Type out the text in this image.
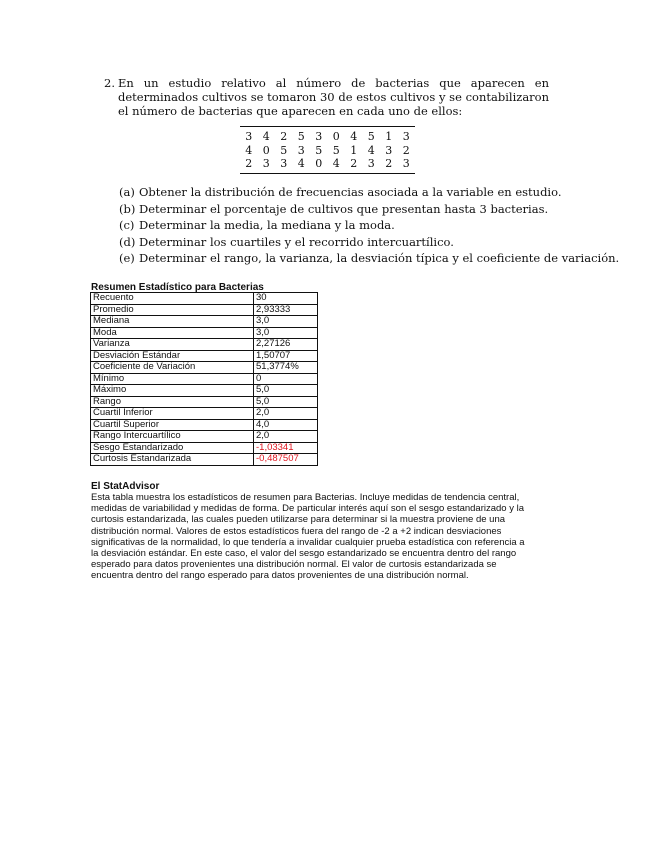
2. En un estudio relativo al número de bacterias que aparecen en determinados cultivos se tomaron 30 de estos cultivos y se contabilizaron el número de bacterias que aparecen en cada uno de ellos:
3	4	2	5	3	0	4	5	1	3
4	0	5	3	5	5	1	4	3	2
2	3	3	4	0	4	2	3	2	3
(a) Obtener la distribución de frecuencias asociada a la variable en estudio.
(b) Determinar el porcentaje de cultivos que presentan hasta 3 bacterias.
(c) Determinar la media, la mediana y la moda.
(d) Determinar los cuartiles y el recorrido intercuartílico.
(e) Determinar el rango, la varianza, la desviación típica y el coeficiente de variación.
Resumen Estadístico para Bacterias
Recuento	30
Promedio	2,93333
Mediana	3,0
Moda	3,0
Varianza	2,27126
Desviación Estándar	1,50707
Coeficiente de Variación	51,3774%
Mínimo	0
Máximo	5,0
Rango	5,0
Cuartil Inferior	2,0
Cuartil Superior	4,0
Rango Intercuartílico	2,0
Sesgo Estandarizado	-1,03341
Curtosis Estandarizada	-0,487507
El StatAdvisor
Esta tabla muestra los estadísticos de resumen para Bacterias. Incluye medidas de tendencia central, medidas de variabilidad y medidas de forma. De particular interés aquí son el sesgo estandarizado y la curtosis estandarizada, las cuales pueden utilizarse para determinar si la muestra proviene de una distribución normal. Valores de estos estadísticos fuera del rango de -2 a +2 indican desviaciones significativas de la normalidad, lo que tendería a invalidar cualquier prueba estadística con referencia a la desviación estándar. En este caso, el valor del sesgo estandarizado se encuentra dentro del rango esperado para datos provenientes una distribución normal. El valor de curtosis estandarizada se encuentra dentro del rango esperado para datos provenientes de una distribución normal.
